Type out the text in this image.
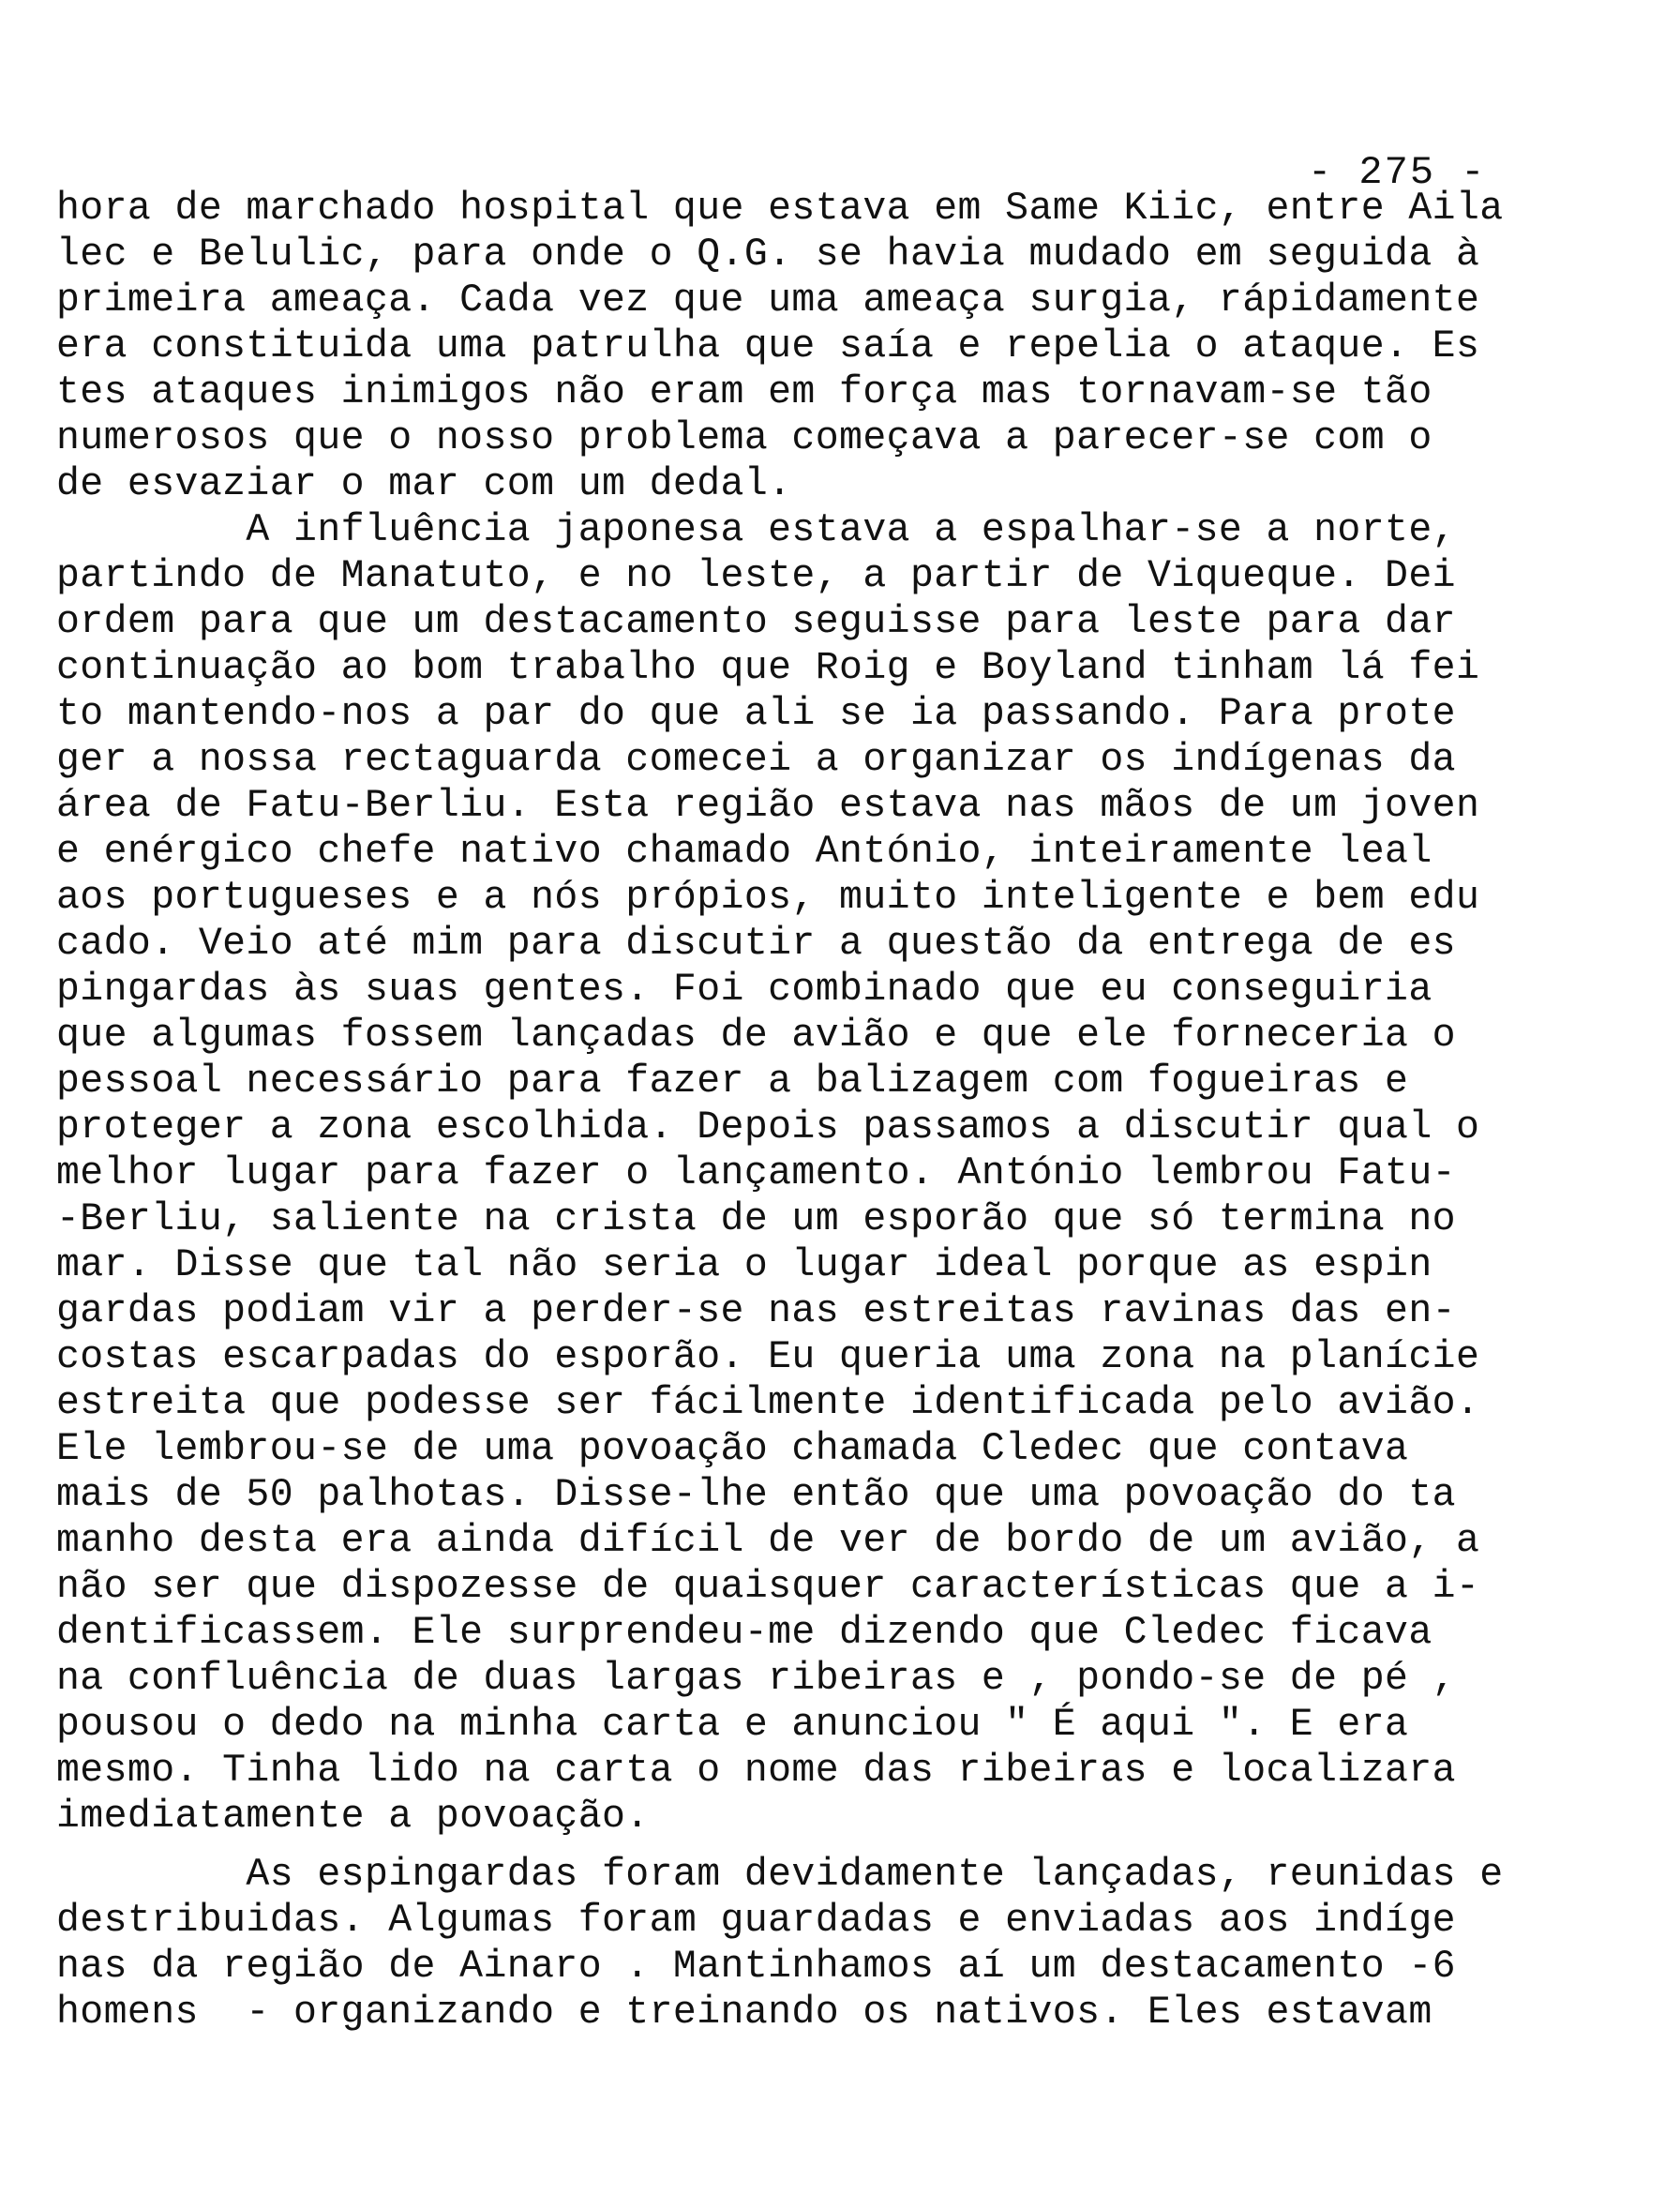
- 275 -
hora de marchado hospital que estava em Same Kiic, entre Aila
lec e Belulic, para onde o Q.G. se havia mudado em seguida à
primeira ameaça. Cada vez que uma ameaça surgia, rápidamente
era constituida uma patrulha que saía e repelia o ataque. Es
tes ataques inimigos não eram em força mas tornavam-se tão
numerosos que o nosso problema começava a parecer-se com o
de esvaziar o mar com um dedal.
A influência japonesa estava a espalhar-se a norte,
partindo de Manatuto, e no leste, a partir de Viqueque. Dei
ordem para que um destacamento seguisse para leste para dar
continuação ao bom trabalho que Roig e Boyland tinham lá fei
to mantendo-nos a par do que ali se ia passando. Para prote
ger a nossa rectaguarda comecei a organizar os indígenas da
área de Fatu-Berliu. Esta região estava nas mãos de um joven
e enérgico chefe nativo chamado António, inteiramente leal
aos portugueses e a nós própios, muito inteligente e bem edu
cado. Veio até mim para discutir a questão da entrega de es
pingardas às suas gentes. Foi combinado que eu conseguiria
que algumas fossem lançadas de avião e que ele forneceria o
pessoal necessário para fazer a balizagem com fogueiras e
proteger a zona escolhida. Depois passamos a discutir qual o
melhor lugar para fazer o lançamento. António lembrou Fatu-
-Berliu, saliente na crista de um esporão que só termina no
mar. Disse que tal não seria o lugar ideal porque as espin
gardas podiam vir a perder-se nas estreitas ravinas das en-
costas escarpadas do esporão. Eu queria uma zona na planície
estreita que podesse ser fácilmente identificada pelo avião.
Ele lembrou-se de uma povoação chamada Cledec que contava
mais de 50 palhotas. Disse-lhe então que uma povoação do ta
manho desta era ainda difícil de ver de bordo de um avião, a
não ser que dispozesse de quaisquer características que a i-
dentificassem. Ele surprendeu-me dizendo que Cledec ficava
na confluência de duas largas ribeiras e , pondo-se de pé ,
pousou o dedo na minha carta e anunciou " É aqui ". E era
mesmo. Tinha lido na carta o nome das ribeiras e localizara
imediatamente a povoação.
As espingardas foram devidamente lançadas, reunidas e
destribuidas. Algumas foram guardadas e enviadas aos indíge
nas da região de Ainaro . Mantinhamos aí um destacamento -6
homens  - organizando e treinando os nativos. Eles estavam
